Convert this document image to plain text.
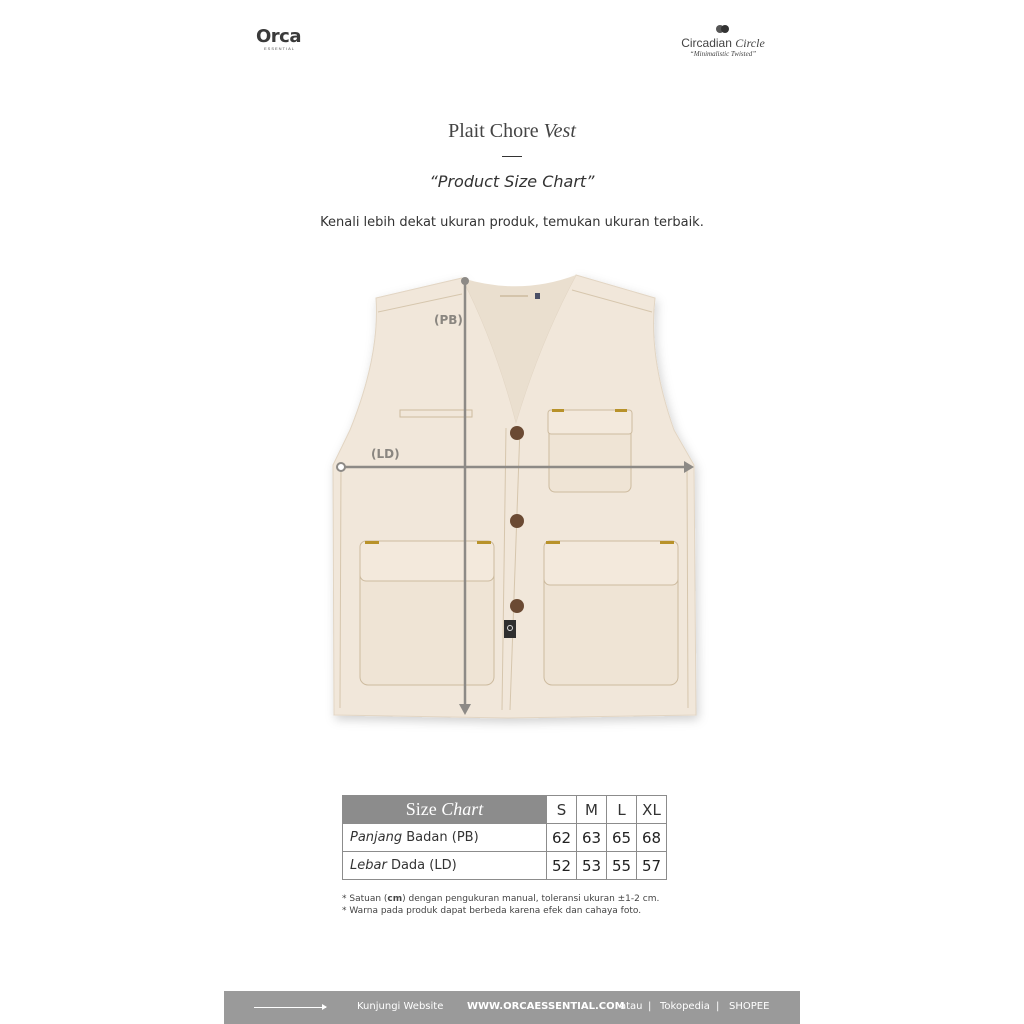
Orca
ESSENTIAL	Circadian Circle
“Minimalistic Twisted”
Plait Chore Vest
“Product Size Chart”
Kenali lebih dekat ukuran produk, temukan ukuran terbaik.
(PB)
(LD)
Size Chart	S	M	L	XL
Panjang Badan (PB)	62	63	65	68
Lebar Dada (LD)	52	53	55	57
* Satuan (cm) dengan pengukuran manual, toleransi ukuran ±1-2 cm.
* Warna pada produk dapat berbeda karena efek dan cahaya foto.
Kunjungi Website WWW.ORCAESSENTIAL.COM
atau | Tokopedia | SHOPEE
